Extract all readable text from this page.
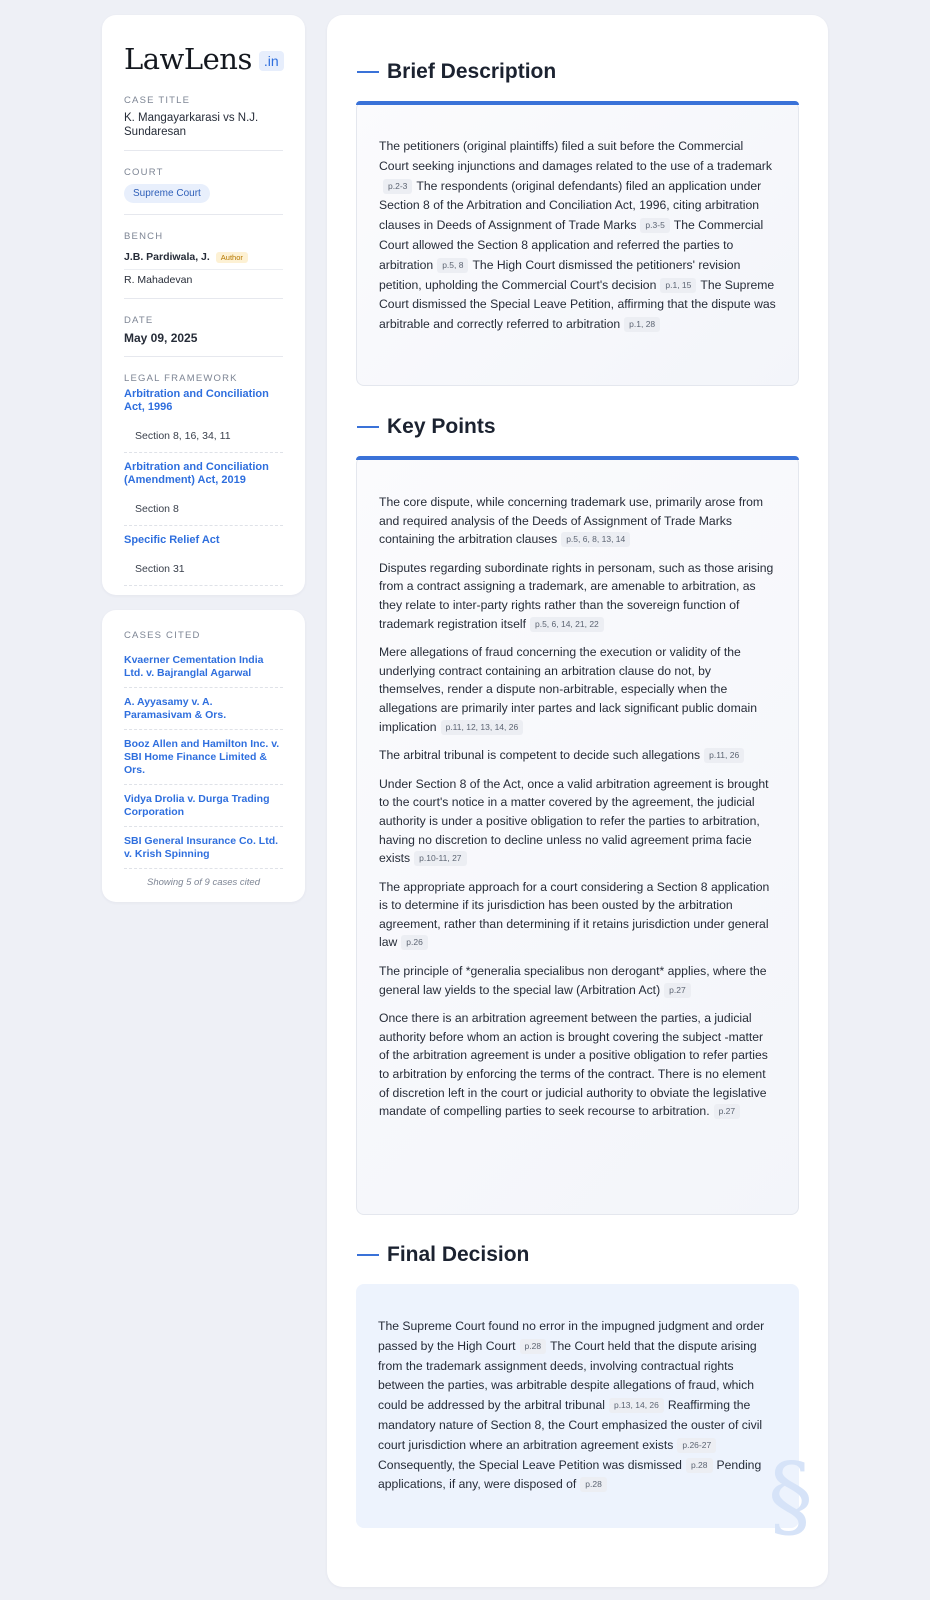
LawLens .in
CASE TITLE
K. Mangayarkarasi vs N.J. Sundaresan
COURT
Supreme Court
BENCH
J.B. Pardiwala, J.	Author
R. Mahadevan
DATE
May 09, 2025
LEGAL FRAMEWORK
Arbitration and Conciliation Act, 1996
Section 8, 16, 34, 11
Arbitration and Conciliation (Amendment) Act, 2019
Section 8
Specific Relief Act
Section 31
CASES CITED
Kvaerner Cementation India Ltd. v. Bajranglal Agarwal
A. Ayyasamy v. A. Paramasivam & Ors.
Booz Allen and Hamilton Inc. v. SBI Home Finance Limited & Ors.
Vidya Drolia v. Durga Trading Corporation
SBI General Insurance Co. Ltd. v. Krish Spinning
Showing 5 of 9 cases cited
Brief Description

The petitioners (original plaintiffs) filed a suit before the Commercial Court seeking injunctions and damages related to the use of a trademarkp.2-3 The respondents (original defendants) filed an application under Section 8 of the Arbitration and Conciliation Act, 1996, citing arbitration clauses in Deeds of Assignment of Trade Marks p.3-5 The Commercial Court allowed the Section 8 application and referred the parties to arbitration p.5, 8 The High Court dismissed the petitioners' revision petition, upholding the Commercial Court's decision p.1, 15 The Supreme Court dismissed the Special Leave Petition, affirming that the dispute was arbitrable and correctly referred to arbitration p.1, 28

Key Points

The core dispute, while concerning trademark use, primarily arose from and required analysis of the Deeds of Assignment of Trade Marks containing the arbitration clauses p.5, 6, 8, 13, 14

Disputes regarding subordinate rights in personam, such as those arising from a contract assigning a trademark, are amenable to arbitration, as they relate to inter-party rights rather than the sovereign function of trademark registration itself p.5, 6, 14, 21, 22

Mere allegations of fraud concerning the execution or validity of the underlying contract containing an arbitration clause do not, by themselves, render a dispute non-arbitrable, especially when the allegations are primarily inter partes and lack significant public domain implication p.11, 12, 13, 14, 26

The arbitral tribunal is competent to decide such allegations p.11, 26

Under Section 8 of the Act, once a valid arbitration agreement is brought to the court's notice in a matter covered by the agreement, the judicial authority is under a positive obligation to refer the parties to arbitration, having no discretion to decline unless no valid agreement prima facie exists p.10-11, 27

The appropriate approach for a court considering a Section 8 application is to determine if its jurisdiction has been ousted by the arbitration agreement, rather than determining if it retains jurisdiction under general law p.26

The principle of *generalia specialibus non derogant* applies, where the general law yields to the special law (Arbitration Act) p.27

Once there is an arbitration agreement between the parties, a judicial authority before whom an action is brought covering the subject -matter of the arbitration agreement is under a positive obligation to refer parties to arbitration by enforcing the terms of the contract. There is no element of discretion left in the court or judicial authority to obviate the legislative mandate of compelling parties to seek recourse to arbitration. p.27

Final Decision

The Supreme Court found no error in the impugned judgment and order passed by the High Court p.28 The Court held that the dispute arising from the trademark assignment deeds, involving contractual rights between the parties, was arbitrable despite allegations of fraud, which could be addressed by the arbitral tribunal p.13, 14, 26 Reaffirming the mandatory nature of Section 8, the Court emphasized the ouster of civil court jurisdiction where an arbitration agreement exists p.26-27Consequently, the Special Leave Petition was dismissed p.28 Pending applications, if any, were disposed of p.28	§
